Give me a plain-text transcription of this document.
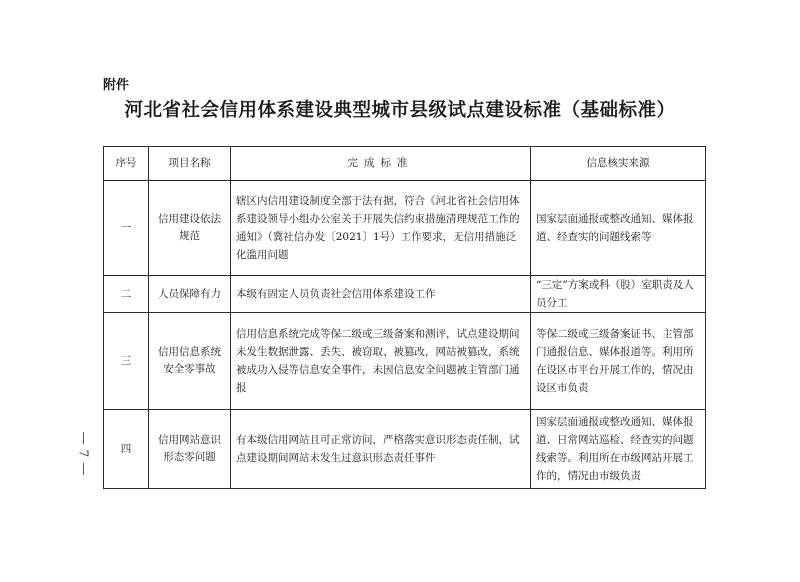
附件
河北省社会信用体系建设典型城市县级试点建设标准（基础标准）
序号	项目名称	完成标准	信息核实来源
一	信用建设依法规范	辖区内信用建设制度全部于法有据，符合《河北省社会信用体系建设领导小组办公室关于开展失信约束措施清理规范工作的通知》（冀社信办发〔2021〕1号）工作要求，无信用措施泛化滥用问题	国家层面通报或整改通知、媒体报道、经查实的问题线索等
二	人员保障有力	本级有固定人员负责社会信用体系建设工作	“三定”方案或科（股）室职责及人员分工
三	信用信息系统安全零事故	信用信息系统完成等保二级或三级备案和测评，试点建设期间未发生数据泄露、丢失、被窃取、被篡改，网站被篡改，系统被成功入侵等信息安全事件，未因信息安全问题被主管部门通报	等保二级或三级备案证书、主管部门通报信息、媒体报道等。利用所在设区市平台开展工作的，情况由设区市负责
四	信用网站意识形态零问题	有本级信用网站且可正常访问，严格落实意识形态责任制，试点建设期间网站未发生过意识形态责任事件	国家层面通报或整改通知、媒体报道、日常网站巡检、经查实的问题线索等。利用所在市级网站开展工作的，情况由市级负责
7
